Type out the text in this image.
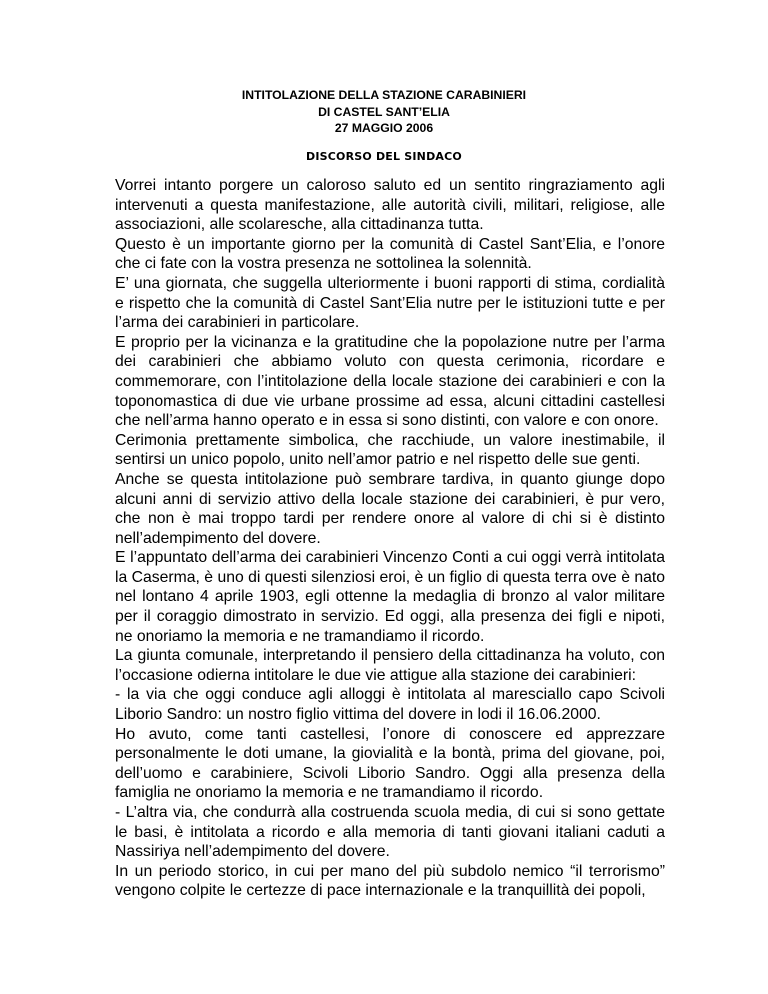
INTITOLAZIONE DELLA STAZIONE CARABINIERI
DI CASTEL SANT’ELIA
27 MAGGIO 2006
DISCORSO DEL SINDACO

Vorrei intanto porgere un caloroso saluto ed un sentito ringraziamento agli intervenuti a questa manifestazione, alle autorità civili, militari, religiose, alle associazioni, alle scolaresche, alla cittadinanza tutta.

Questo è un importante giorno per la comunità di Castel Sant’Elia, e l’onore che ci fate con la vostra presenza ne sottolinea la solennità.

E’ una giornata, che suggella ulteriormente i buoni rapporti di stima, cordialità e rispetto che la comunità di Castel Sant’Elia nutre per le istituzioni tutte e per l’arma dei carabinieri in particolare.

E proprio per la vicinanza e la gratitudine che la popolazione nutre per l’arma dei carabinieri che abbiamo voluto con questa cerimonia, ricordare e commemorare, con l’intitolazione della locale stazione dei carabinieri e con la toponomastica di due vie urbane prossime ad essa, alcuni cittadini castellesi che nell’arma hanno operato e in essa si sono distinti, con valore e con onore.

Cerimonia prettamente simbolica, che racchiude, un valore inestimabile, il sentirsi un unico popolo, unito nell’amor patrio e nel rispetto delle sue genti.

Anche se questa intitolazione può sembrare tardiva, in quanto giunge dopo alcuni anni di servizio attivo della locale stazione dei carabinieri, è pur vero, che non è mai troppo tardi per rendere onore al valore di chi si è distinto nell’adempimento del dovere.

E l’appuntato dell’arma dei carabinieri Vincenzo Conti a cui oggi verrà intitolata la Caserma, è uno di questi silenziosi eroi, è un figlio di questa terra ove è nato nel lontano 4 aprile 1903, egli ottenne la medaglia di bronzo al valor militare per il coraggio dimostrato in servizio. Ed oggi, alla presenza dei figli e nipoti, ne onoriamo la memoria e ne tramandiamo il ricordo.

La giunta comunale, interpretando il pensiero della cittadinanza ha voluto, con l’occasione odierna intitolare le due vie attigue alla stazione dei carabinieri:

- la via che oggi conduce agli alloggi è intitolata al maresciallo capo Scivoli Liborio Sandro: un nostro figlio vittima del dovere in lodi il 16.06.2000.

Ho avuto, come tanti castellesi, l’onore di conoscere ed apprezzare personalmente le doti umane, la giovialità e la bontà, prima del giovane, poi, dell’uomo e carabiniere, Scivoli Liborio Sandro. Oggi alla presenza della famiglia ne onoriamo la memoria e ne tramandiamo il ricordo.

- L’altra via, che condurrà alla costruenda scuola media, di cui si sono gettate le basi, è intitolata a ricordo e alla memoria di tanti giovani italiani caduti a Nassiriya nell’adempimento del dovere.

In un periodo storico, in cui per mano del più subdolo nemico “il terrorismo” vengono colpite le certezze di pace internazionale e la tranquillità dei popoli,
